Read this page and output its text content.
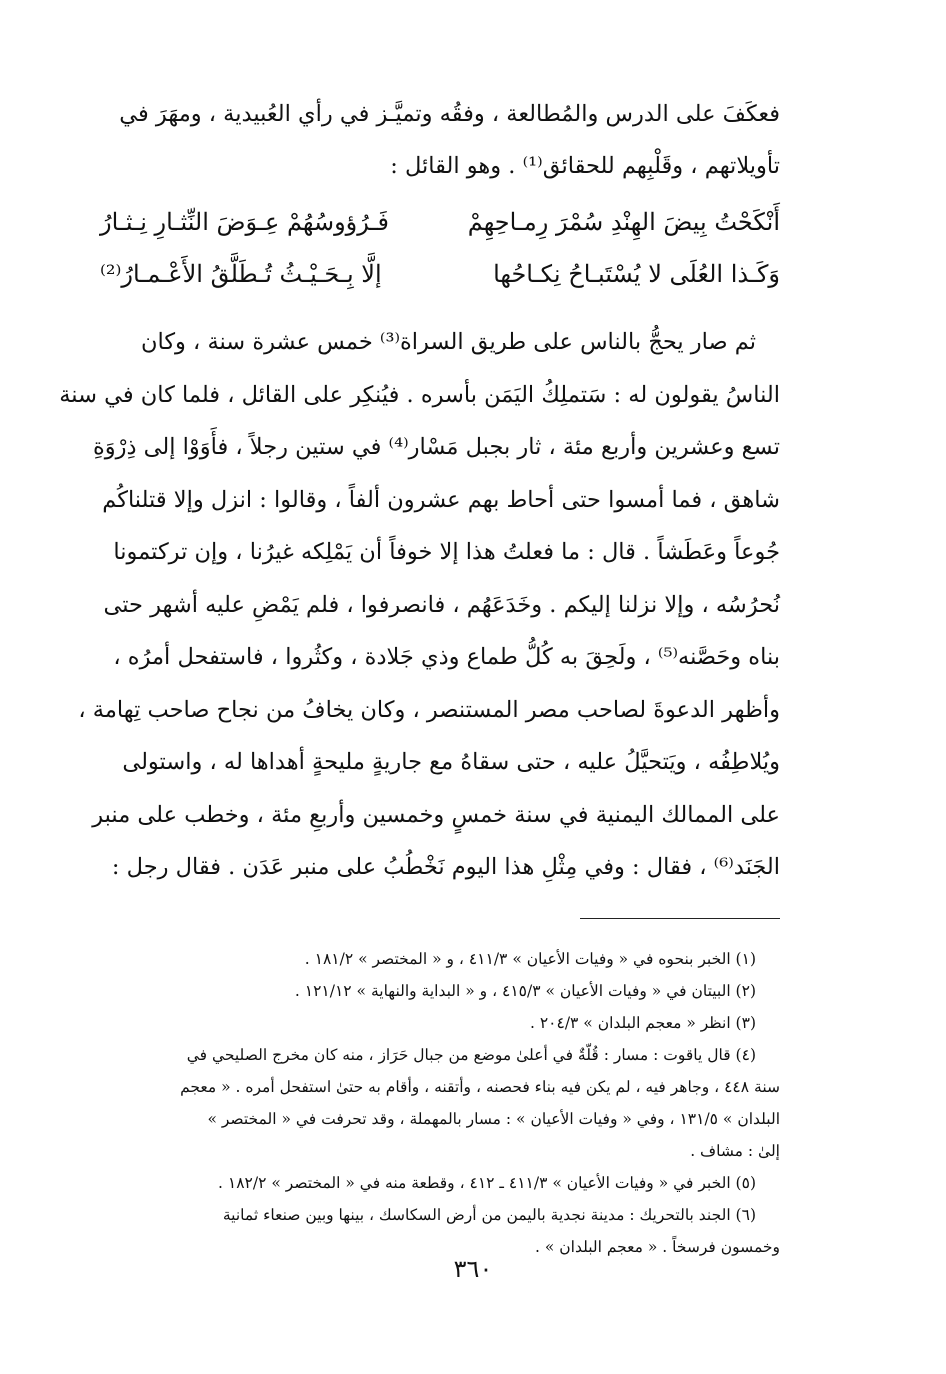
فعكَفَ على الدرس والمُطالعة ، وفقُه وتميَّـز في رأي العُبيدية ، ومهَرَ في
تأويلاتهم ، وقَلْبِهم للحقائق⁽¹⁾ . وهو القائل :
أَنْكَحْتُ بِيضَ الهِنْدِ سُمْرَ رِمـاحِهِمْ
فَـرُؤوسُهُمْ عِـوَضَ النِّثـارِ نِـثـارُ
وَكَـذا العُلَى لا يُسْتَبـاحُ نِكـاحُها
إلَّا بِـحَـيْـثُ تُـطَلَّقُ الأَعْـمـارُ⁽²⁾
ثم صار يحجُّ بالناس على طريق السراة⁽³⁾ خمس عشرة سنة ، وكان
الناسُ يقولون له : سَتملِكُ اليَمَن بأسره . فيُنكِر على القائل ، فلما كان في سنة
تسع وعشرين وأربع مئة ، ثار بجبل مَسْار⁽⁴⁾ في ستين رجلاً ، فأَوَوْا إلى ذِرْوَةِ
شاهق ، فما أمسوا حتى أحاط بهم عشرون ألفاً ، وقالوا : انزل وإلا قتلناكُم
جُوعاً وعَطَشاً . قال : ما فعلتُ هذا إلا خوفاً أن يَمْلِكه غيرُنا ، وإن تركتمونا
نُحرُسُه ، وإلا نزلنا إليكم . وخَدَعَهُم ، فانصرفوا ، فلم يَمْضِ عليه أشهر حتى
بناه وحَصَّنه⁽⁵⁾ ، ولَحِقَ به كُلُّ طماع وذي جَلادة ، وكثُروا ، فاستفحل أمرُه ،
وأظهر الدعوةَ لصاحب مصر المستنصر ، وكان يخافُ من نجاح صاحب تِهامة ،
ويُلاطِفُه ، ويَتحيَّلُ عليه ، حتى سقاهُ مع جاريةٍ مليحةٍ أهداها له ، واستولى
على الممالك اليمنية في سنة خمسٍ وخمسين وأربعِ مئة ، وخطب على منبر
الجَنَد⁽⁶⁾ ، فقال : وفي مِثْلِ هذا اليوم نَخْطُبُ على منبر عَدَن . فقال رجل :
(١) الخبر بنحوه في « وفيات الأعيان » ٤١١/٣ ، و « المختصر » ١٨١/٢ .
(٢) البيتان في « وفيات الأعيان » ٤١٥/٣ ، و « البداية والنهاية » ١٢١/١٢ .
(٣) انظر « معجم البلدان » ٢٠٤/٣ .
(٤) قال ياقوت : مسار : قُلّةٌ في أعلىٰ موضع من جبال حَرَاز ، منه كان مخرج الصليحي في
سنة ٤٤٨ ، وجاهر فيه ، لم يكن فيه بناء فحصنه ، وأتقنه ، وأقام به حتىٰ استفحل أمره . « معجم
البلدان » ١٣١/٥ ، وفي « وفيات الأعيان » : مسار بالمهملة ، وقد تحرفت في « المختصر »
إلىٰ : مشاف .
(٥) الخبر في « وفيات الأعيان » ٤١١/٣ ـ ٤١٢ ، وقطعة منه في « المختصر » ١٨٢/٢ .
(٦) الجند بالتحريك : مدينة نجدية باليمن من أرض السكاسك ، بينها وبين صنعاء ثمانية
وخمسون فرسخاً . « معجم البلدان » .
٣٦٠
